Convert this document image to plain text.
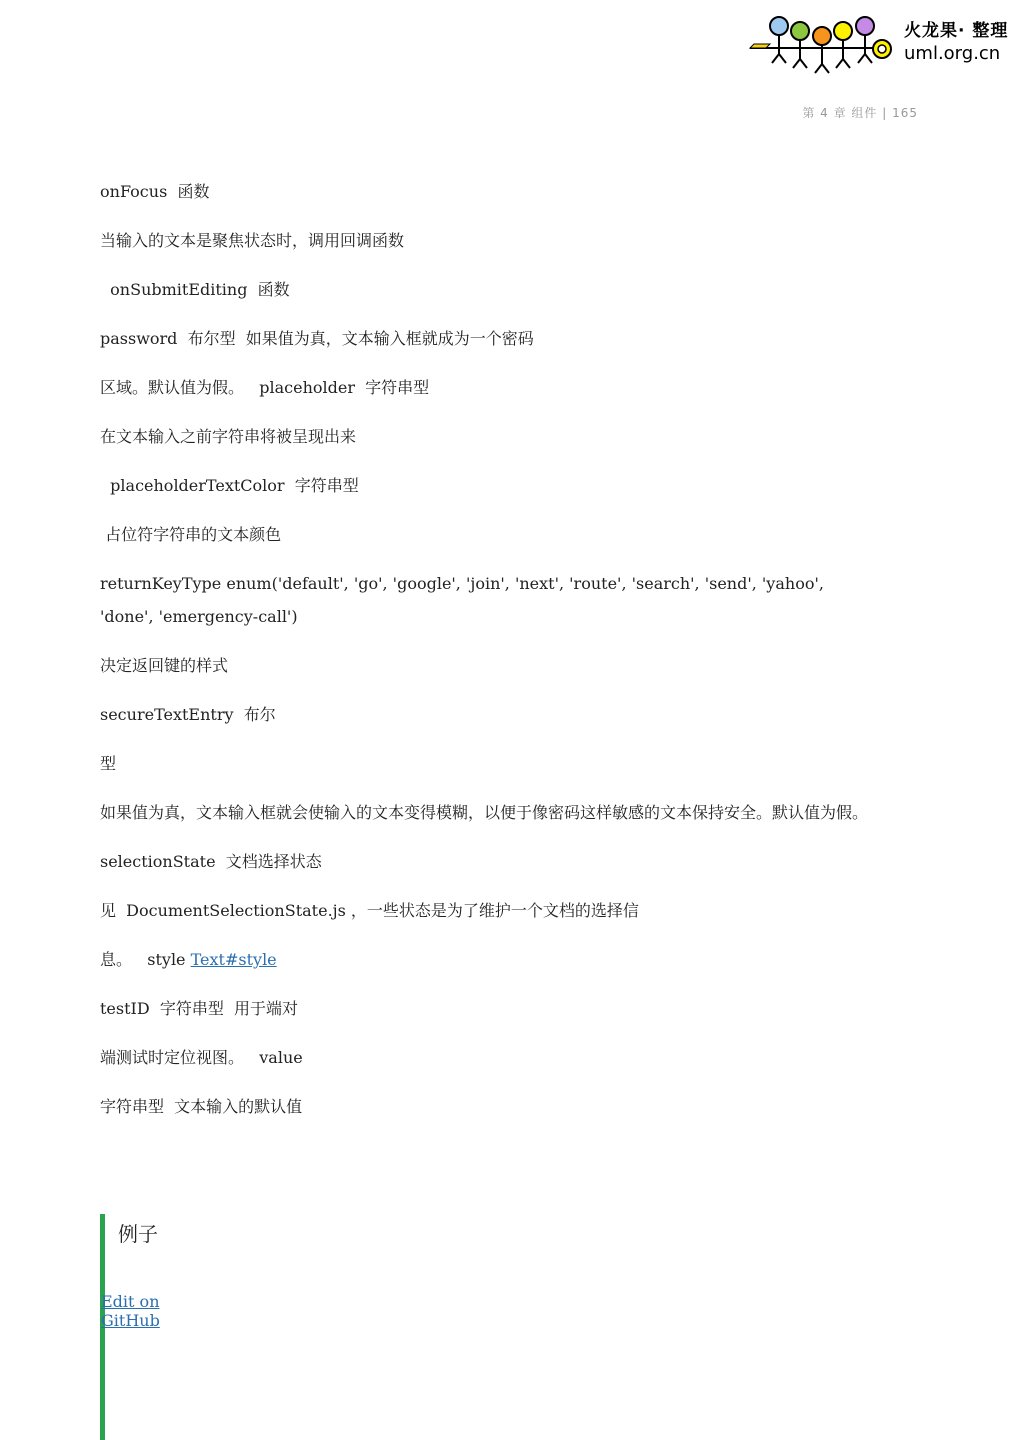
火龙果· 整理
uml.org.cn
第 4 章 组件 | 165

onFocus  函数

当输入的文本是聚焦状态时，调用回调函数

onSubmitEditing  函数

password  布尔型  如果值为真，文本输入框就成为一个密码

区域。默认值为假。   placeholder  字符串型

在文本输入之前字符串将被呈现出来

placeholderTextColor  字符串型

占位符字符串的文本颜色

returnKeyType enum('default', 'go', 'google', 'join', 'next', 'route', 'search', 'send', 'yahoo',

'done', 'emergency-call')

决定返回键的样式

secureTextEntry  布尔

型

如果值为真，文本输入框就会使输入的文本变得模糊，以便于像密码这样敏感的文本保持安全。默认值为假。

selectionState  文档选择状态

见  DocumentSelectionState.js ，一些状态是为了维护一个文档的选择信

息。   style Text#style

testID  字符串型  用于端对

端测试时定位视图。   value

字符串型  文本输入的默认值

例子
Edit on GitHub
